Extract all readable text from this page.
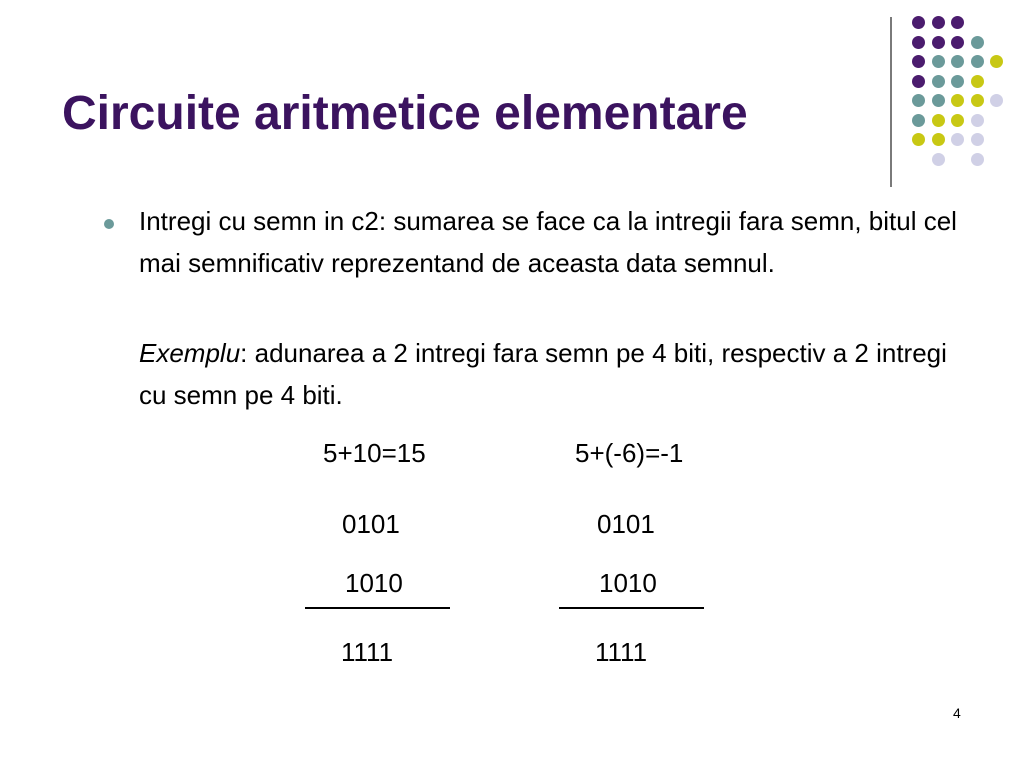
Circuite aritmetice elementare

Intregi cu semn in c2: sumarea se face ca la intregii fara semn, bitul cel mai semnificativ reprezentand de aceasta data semnul.

Exemplu: adunarea a 2 intregi fara semn pe 4 biti, respectiv a 2 intregi cu semn pe 4 biti.

5+10=15
0101
1010
1111
5+(-6)=-1
0101
1010
1111
4
